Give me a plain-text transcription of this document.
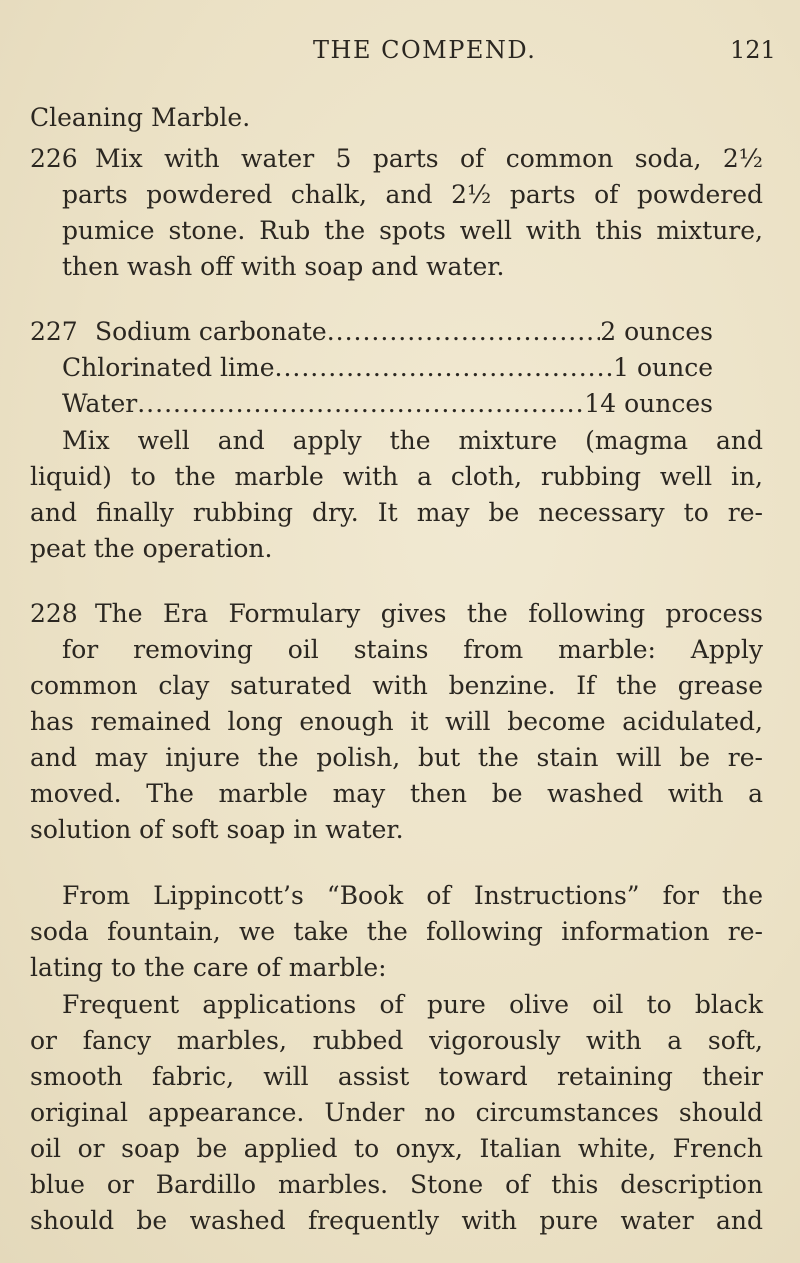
THE COMPEND.	121
Cleaning Marble.
226 Mix with water 5 parts of common soda, 2½
parts powdered chalk, and 2½ parts of powdered
pumice stone. Rub the spots well with this mixture,
then wash off with soap and water.
227 Sodium carbonate .....	2 ounces
Chlorinated lime .....	1 ounce
Water .....	14 ounces
Mix well and apply the mixture (magma and
liquid) to the marble with a cloth, rubbing well in,
and finally rubbing dry. It may be necessary to re-
peat the operation.
228 The Era Formulary gives the following process
for removing oil stains from marble: Apply
common clay saturated with benzine. If the grease
has remained long enough it will become acidulated,
and may injure the polish, but the stain will be re-
moved. The marble may then be washed with a
solution of soft soap in water.
From Lippincott’s “Book of Instructions” for the
soda fountain, we take the following information re-
lating to the care of marble:
Frequent applications of pure olive oil to black
or fancy marbles, rubbed vigorously with a soft,
smooth fabric, will assist toward retaining their
original appearance. Under no circumstances should
oil or soap be applied to onyx, Italian white, French
blue or Bardillo marbles. Stone of this description
should be washed frequently with pure water and
